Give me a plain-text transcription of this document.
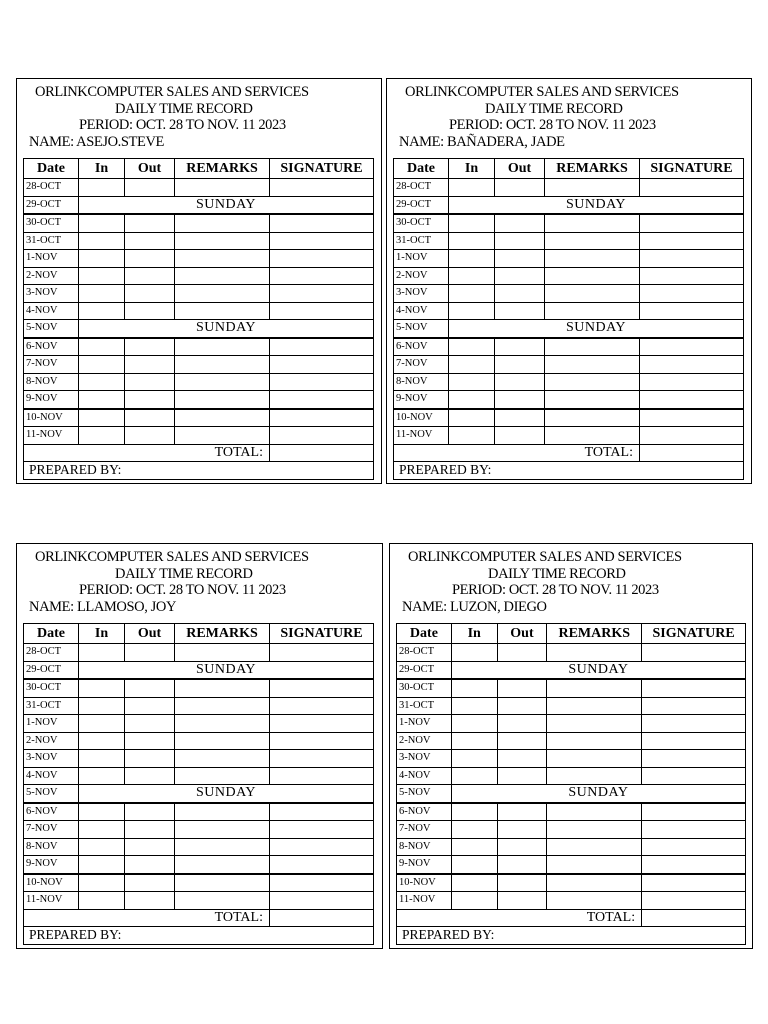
ORLINKCOMPUTER SALES AND SERVICES
DAILY TIME RECORD
PERIOD: OCT. 28 TO NOV. 11 2023
NAME: ASEJO.STEVE
Date	In	Out	REMARKS	SIGNATURE
28-OCT				
29-OCT	SUNDAY			
30-OCT				
31-OCT				
1-NOV				
2-NOV				
3-NOV				
4-NOV				
5-NOV	SUNDAY			
6-NOV				
7-NOV				
8-NOV				
9-NOV				
10-NOV				
11-NOV				
TOTAL:				
PREPARED BY:				
ORLINKCOMPUTER SALES AND SERVICES
DAILY TIME RECORD
PERIOD: OCT. 28 TO NOV. 11 2023
NAME: BAÑADERA, JADE
Date	In	Out	REMARKS	SIGNATURE
28-OCT				
29-OCT	SUNDAY			
30-OCT				
31-OCT				
1-NOV				
2-NOV				
3-NOV				
4-NOV				
5-NOV	SUNDAY			
6-NOV				
7-NOV				
8-NOV				
9-NOV				
10-NOV				
11-NOV				
TOTAL:				
PREPARED BY:				
ORLINKCOMPUTER SALES AND SERVICES
DAILY TIME RECORD
PERIOD: OCT. 28 TO NOV. 11 2023
NAME: LLAMOSO, JOY
Date	In	Out	REMARKS	SIGNATURE
28-OCT				
29-OCT	SUNDAY			
30-OCT				
31-OCT				
1-NOV				
2-NOV				
3-NOV				
4-NOV				
5-NOV	SUNDAY			
6-NOV				
7-NOV				
8-NOV				
9-NOV				
10-NOV				
11-NOV				
TOTAL:				
PREPARED BY:				
ORLINKCOMPUTER SALES AND SERVICES
DAILY TIME RECORD
PERIOD: OCT. 28 TO NOV. 11 2023
NAME: LUZON, DIEGO
Date	In	Out	REMARKS	SIGNATURE
28-OCT				
29-OCT	SUNDAY			
30-OCT				
31-OCT				
1-NOV				
2-NOV				
3-NOV				
4-NOV				
5-NOV	SUNDAY			
6-NOV				
7-NOV				
8-NOV				
9-NOV				
10-NOV				
11-NOV				
TOTAL:				
PREPARED BY:				
